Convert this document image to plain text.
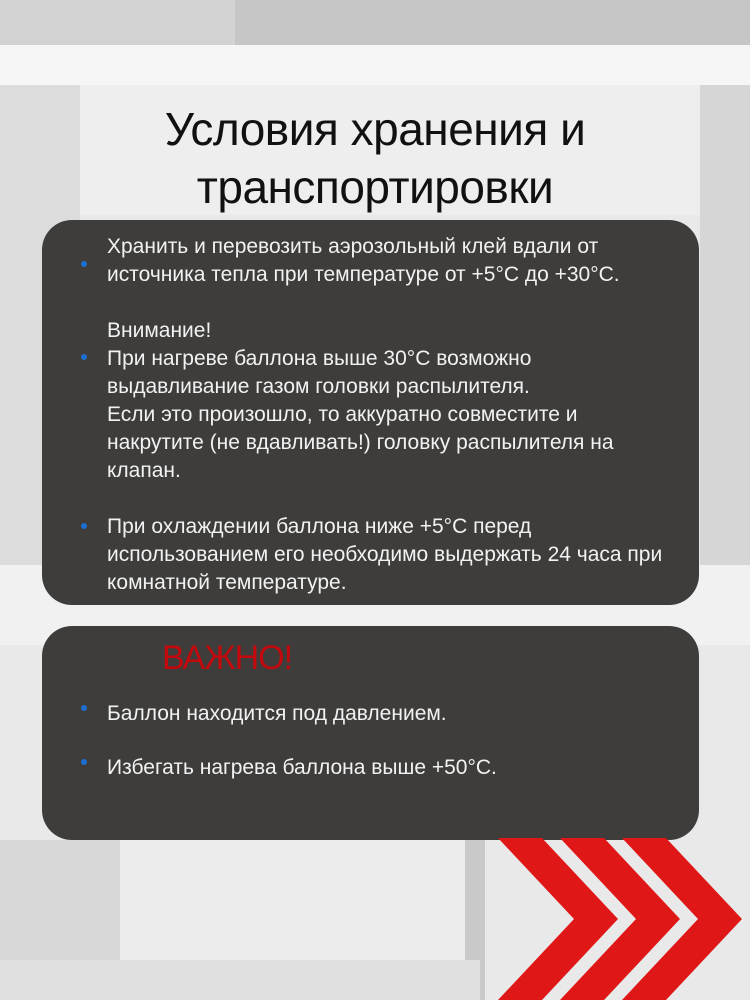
Условия хранения и
транспортировки

Хранить и перевозить аэрозольный клей вдали от
источника тепла при температуре от +5°С до +30°С.

Внимание!

При нагреве баллона выше 30°С возможно
выдавливание газом головки распылителя.
Если это произошло, то аккуратно совместите и
накрутите (не вдавливать!) головку распылителя на
клапан.

При охлаждении баллона ниже +5°С перед
использованием его необходимо выдержать 24 часа при
комнатной температуре.

ВАЖНО!

Баллон находится под давлением.

Избегать нагрева баллона выше +50°С.
